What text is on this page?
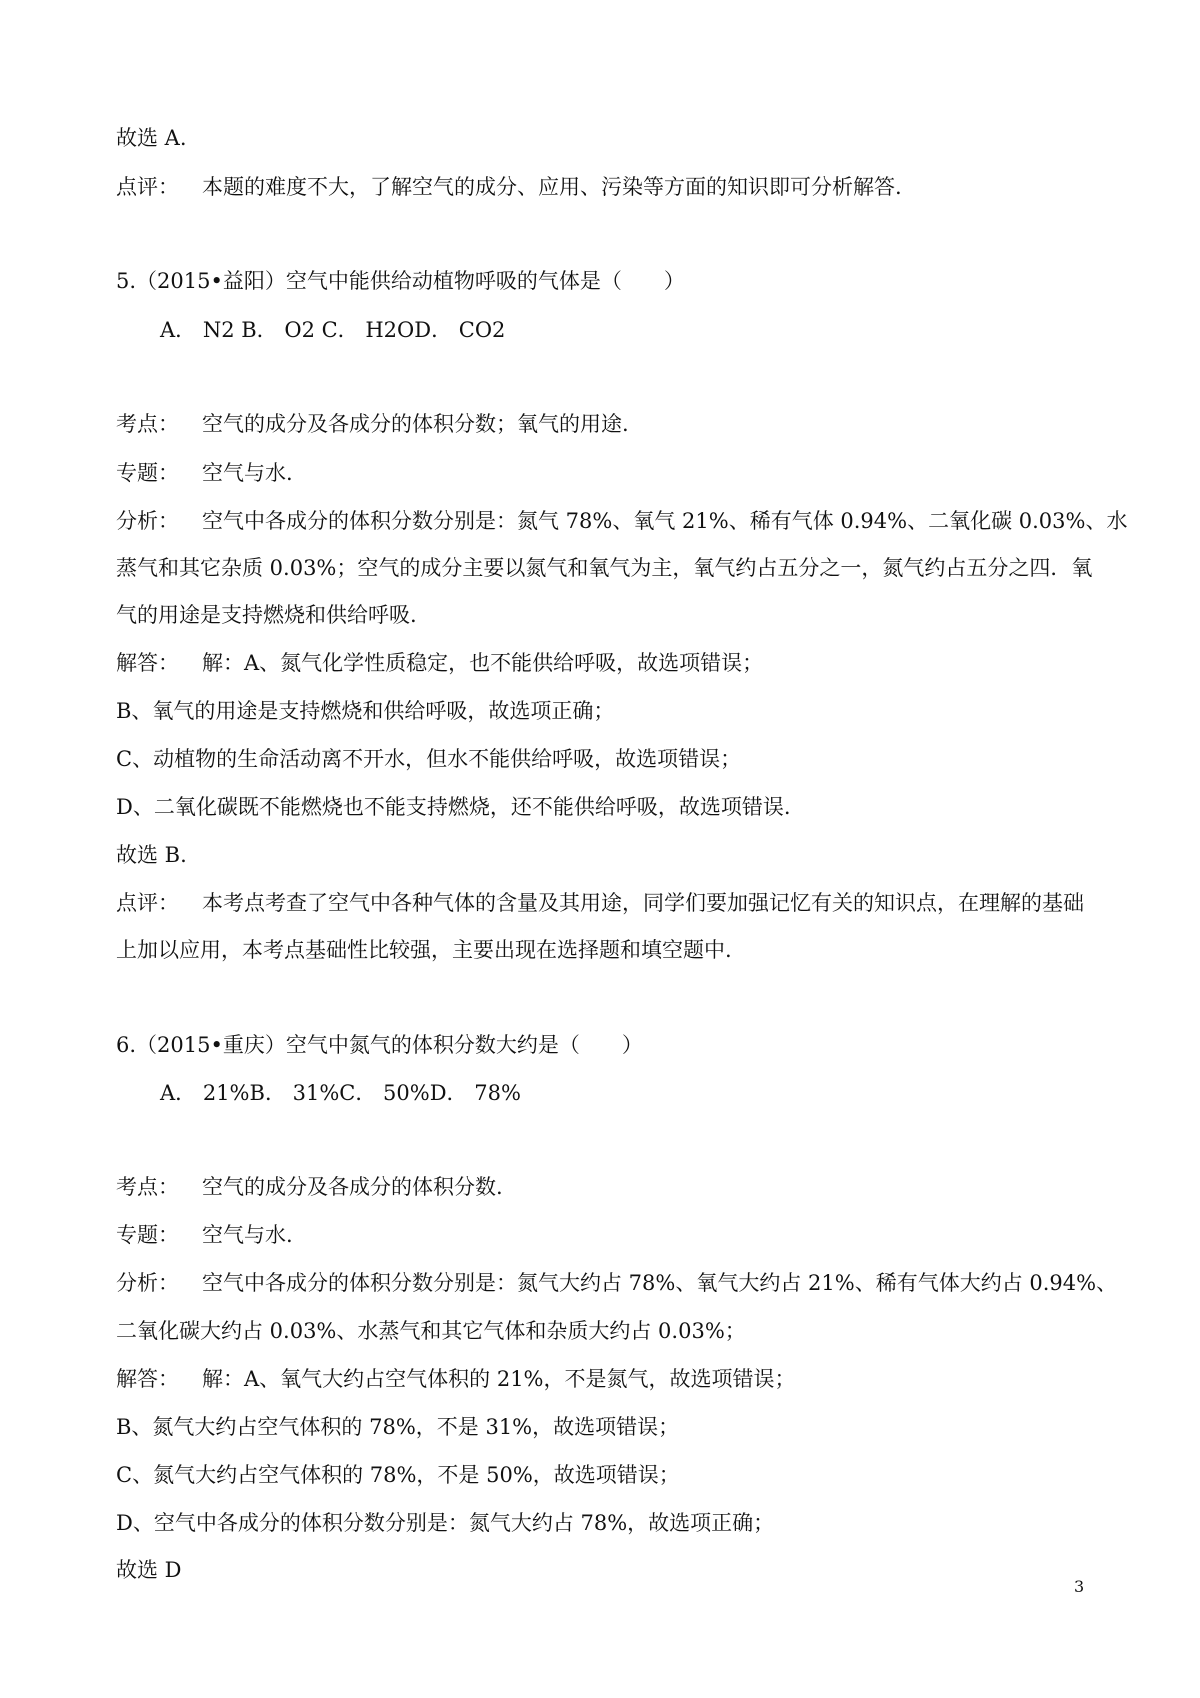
故选 A.
点评：	本题的难度不大，了解空气的成分、应用、污染等方面的知识即可分析解答.
5.（2015•益阳）空气中能供给动植物呼吸的气体是（　　）
A． N2 B． O2 C． H2OD． CO2
考点：	空气的成分及各成分的体积分数；氧气的用途.
专题：	空气与水.
分析：	空气中各成分的体积分数分别是：氮气 78%、氧气 21%、稀有气体 0.94%、二氧化碳 0.03%、水
蒸气和其它杂质 0.03%；空气的成分主要以氮气和氧气为主，氧气约占五分之一，氮气约占五分之四．氧
气的用途是支持燃烧和供给呼吸.
解答：	解：A、氮气化学性质稳定，也不能供给呼吸，故选项错误；
B、氧气的用途是支持燃烧和供给呼吸，故选项正确；
C、动植物的生命活动离不开水，但水不能供给呼吸，故选项错误；
D、二氧化碳既不能燃烧也不能支持燃烧，还不能供给呼吸，故选项错误.
故选 B.
点评：	本考点考查了空气中各种气体的含量及其用途，同学们要加强记忆有关的知识点，在理解的基础
上加以应用，本考点基础性比较强，主要出现在选择题和填空题中.
6.（2015•重庆）空气中氮气的体积分数大约是（　　）
A． 21%B． 31%C． 50%D． 78%
考点：	空气的成分及各成分的体积分数.
专题：	空气与水.
分析：	空气中各成分的体积分数分别是：氮气大约占 78%、氧气大约占 21%、稀有气体大约占 0.94%、
二氧化碳大约占 0.03%、水蒸气和其它气体和杂质大约占 0.03%；
解答：	解：A、氧气大约占空气体积的 21%，不是氮气，故选项错误；
B、氮气大约占空气体积的 78%，不是 31%，故选项错误；
C、氮气大约占空气体积的 78%，不是 50%，故选项错误；
D、空气中各成分的体积分数分别是：氮气大约占 78%，故选项正确；
故选 D
3
